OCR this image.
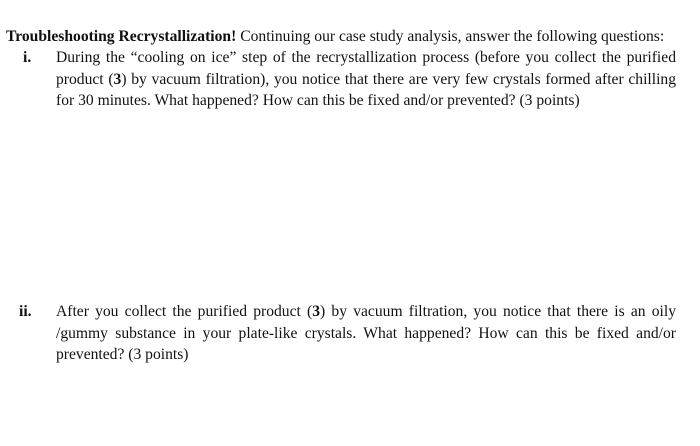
Troubleshooting Recrystallization! Continuing our case study analysis, answer the following questions:
i. During the “cooling on ice” step of the recrystallization process (before you collect the purified product (3) by vacuum filtration), you notice that there are very few crystals formed after chilling for 30 minutes. What happened? How can this be fixed and/or prevented? (3 points)
ii. After you collect the purified product (3) by vacuum filtration, you notice that there is an oily /gummy substance in your plate-like crystals. What happened? How can this be fixed and/or prevented? (3 points)
